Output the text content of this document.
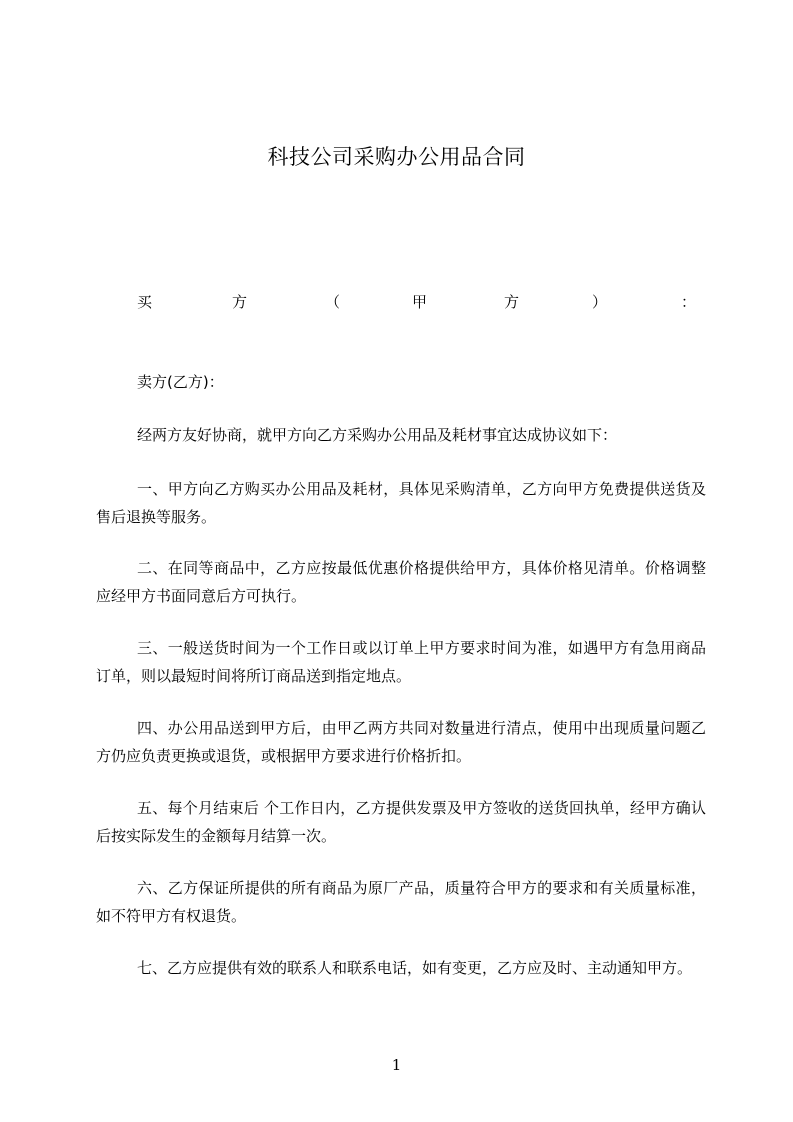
科技公司采购办公用品合同
买	方	（	甲	方	）	：

卖方(乙方)：

经两方友好协商，就甲方向乙方采购办公用品及耗材事宜达成协议如下：

一、甲方向乙方购买办公用品及耗材，具体见采购清单，乙方向甲方免费提供送货及售后退换等服务。

二、在同等商品中，乙方应按最低优惠价格提供给甲方，具体价格见清单。价格调整应经甲方书面同意后方可执行。

三、一般送货时间为一个工作日或以订单上甲方要求时间为准，如遇甲方有急用商品订单，则以最短时间将所订商品送到指定地点。

四、办公用品送到甲方后，由甲乙两方共同对数量进行清点，使用中出现质量问题乙方仍应负责更换或退货，或根据甲方要求进行价格折扣。

五、每个月结束后 个工作日内，乙方提供发票及甲方签收的送货回执单，经甲方确认后按实际发生的金额每月结算一次。

六、乙方保证所提供的所有商品为原厂产品，质量符合甲方的要求和有关质量标准，如不符甲方有权退货。

七、乙方应提供有效的联系人和联系电话，如有变更，乙方应及时、主动通知甲方。

1
